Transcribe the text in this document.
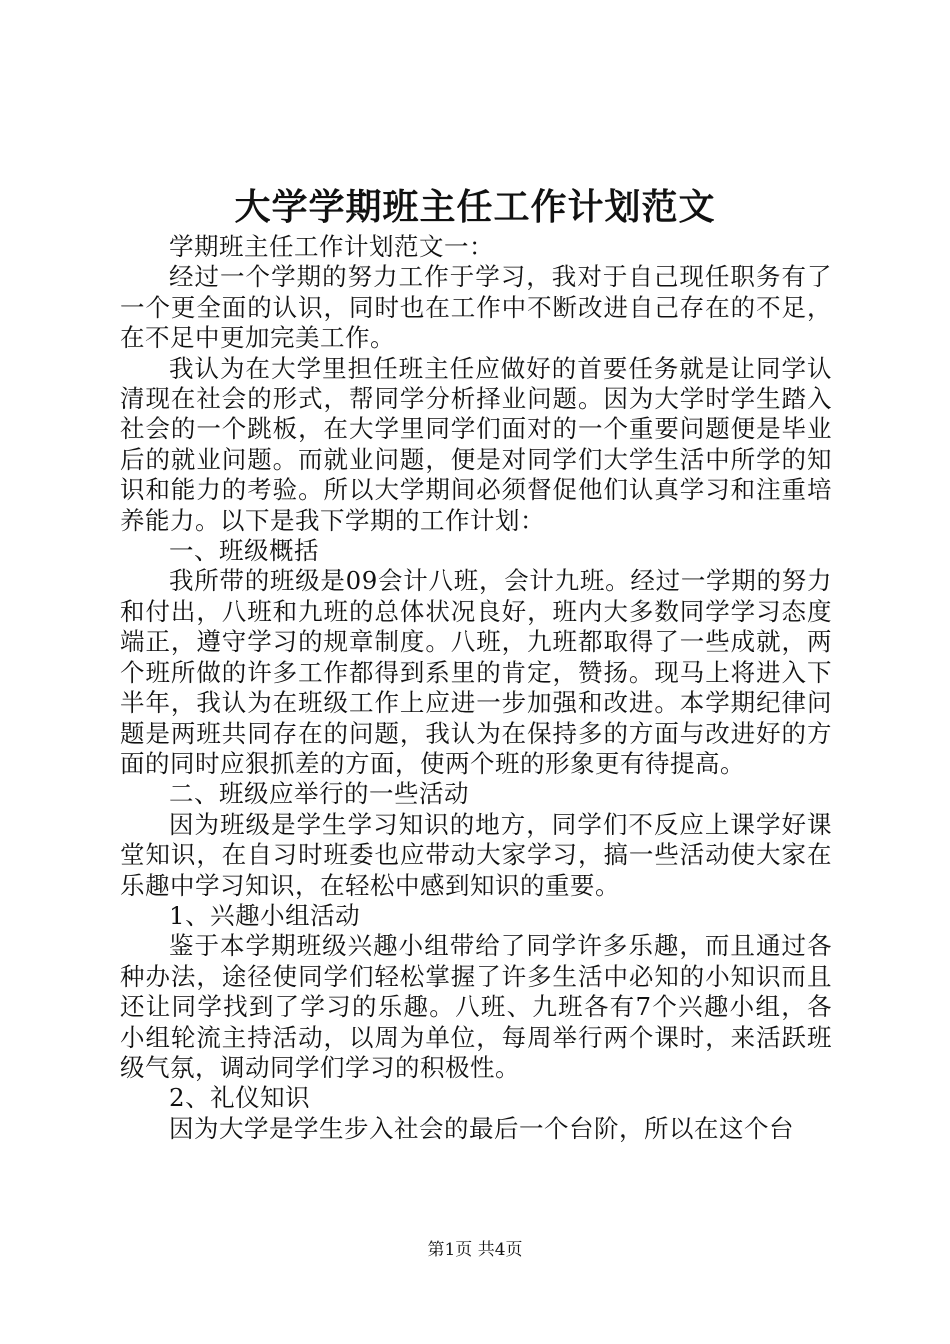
大学学期班主任工作计划范文

学期班主任工作计划范文一：

经过一个学期的努力工作于学习，我对于自己现任职务有了一个更全面的认识，同时也在工作中不断改进自己存在的不足，在不足中更加完美工作。

我认为在大学里担任班主任应做好的首要任务就是让同学认清现在社会的形式，帮同学分析择业问题。因为大学时学生踏入社会的一个跳板，在大学里同学们面对的一个重要问题便是毕业后的就业问题。而就业问题，便是对同学们大学生活中所学的知识和能力的考验。所以大学期间必须督促他们认真学习和注重培养能力。以下是我下学期的工作计划：

一、班级概括

我所带的班级是09会计八班，会计九班。经过一学期的努力和付出，八班和九班的总体状况良好，班内大多数同学学习态度端正，遵守学习的规章制度。八班，九班都取得了一些成就，两个班所做的许多工作都得到系里的肯定，赞扬。现马上将进入下半年，我认为在班级工作上应进一步加强和改进。本学期纪律问题是两班共同存在的问题，我认为在保持多的方面与改进好的方面的同时应狠抓差的方面，使两个班的形象更有待提高。

二、班级应举行的一些活动

因为班级是学生学习知识的地方，同学们不反应上课学好课堂知识，在自习时班委也应带动大家学习，搞一些活动使大家在乐趣中学习知识，在轻松中感到知识的重要。

1、兴趣小组活动

鉴于本学期班级兴趣小组带给了同学许多乐趣，而且通过各种办法，途径使同学们轻松掌握了许多生活中必知的小知识而且还让同学找到了学习的乐趣。八班、九班各有7个兴趣小组，各小组轮流主持活动，以周为单位，每周举行两个课时，来活跃班级气氛，调动同学们学习的积极性。

2、礼仪知识

因为大学是学生步入社会的最后一个台阶，所以在这个台

第1页 共4页
